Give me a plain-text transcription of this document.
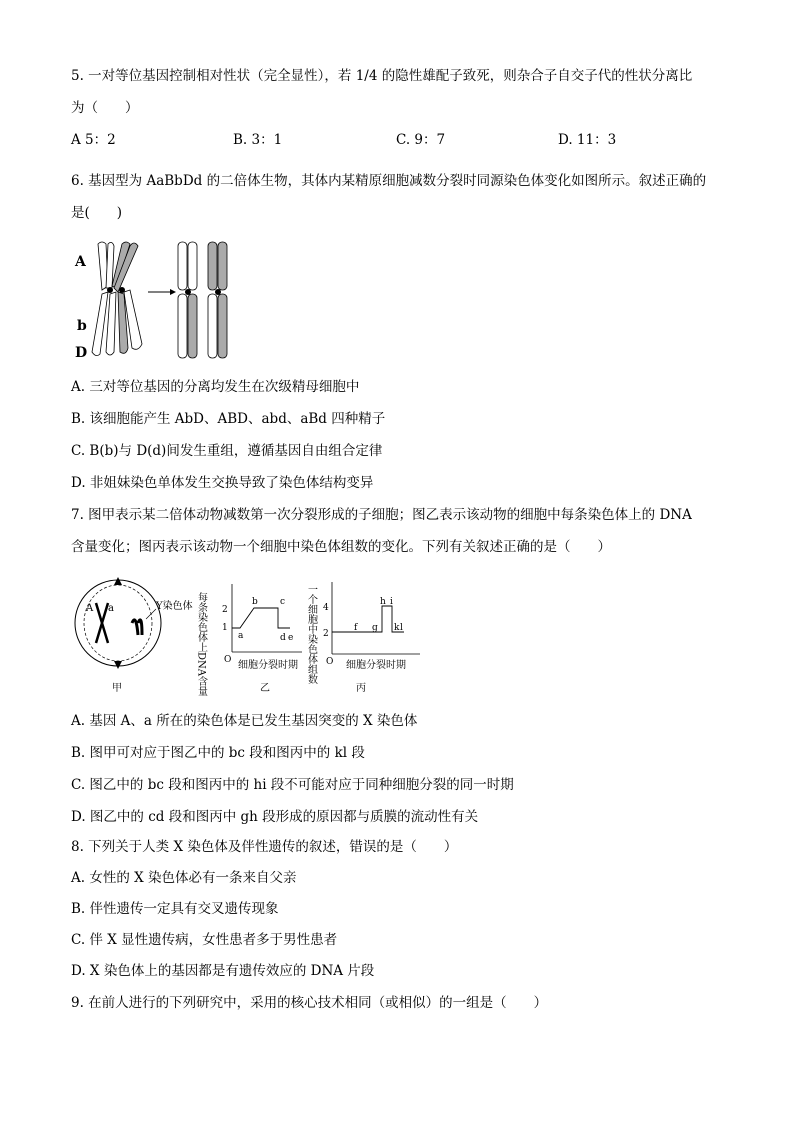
5. 一对等位基因控制相对性状（完全显性），若 1/4 的隐性雄配子致死，则杂合子自交子代的性状分离比
为（　　）
A 5：2	B. 3：1	C. 9：7	D. 11：3
6. 基因型为 AaBbDd 的二倍体生物，其体内某精原细胞减数分裂时同源染色体变化如图所示。叙述正确的
是(　　)
A
b
D
A. 三对等位基因的分离均发生在次级精母细胞中
B. 该细胞能产生 AbD、ABD、abd、aBd 四种精子
C. B(b)与 D(d)间发生重组，遵循基因自由组合定律
D. 非姐妹染色单体发生交换导致了染色体结构变异
7. 图甲表示某二倍体动物减数第一次分裂形成的子细胞；图乙表示该动物的细胞中每条染色体上的 DNA
含量变化；图丙表示该动物一个细胞中染色体组数的变化。下列有关叙述正确的是（　　）
A a	Y染色体
甲	每条染色体上DNA含量 2
1
O
a
b c
d e
细胞分裂时期
乙
一个细胞中染色体组数 4
2
O
f g
h i
k l
细胞分裂时期
丙
A. 基因 A、a 所在的染色体是已发生基因突变的 X 染色体
B. 图甲可对应于图乙中的 bc 段和图丙中的 kl 段
C. 图乙中的 bc 段和图丙中的 hi 段不可能对应于同种细胞分裂的同一时期
D. 图乙中的 cd 段和图丙中 gh 段形成的原因都与质膜的流动性有关
8. 下列关于人类 X 染色体及伴性遗传的叙述，错误的是（　　）
A. 女性的 X 染色体必有一条来自父亲
B. 伴性遗传一定具有交叉遗传现象
C. 伴 X 显性遗传病，女性患者多于男性患者
D. X 染色体上的基因都是有遗传效应的 DNA 片段
9. 在前人进行的下列研究中，采用的核心技术相同（或相似）的一组是（　　）
